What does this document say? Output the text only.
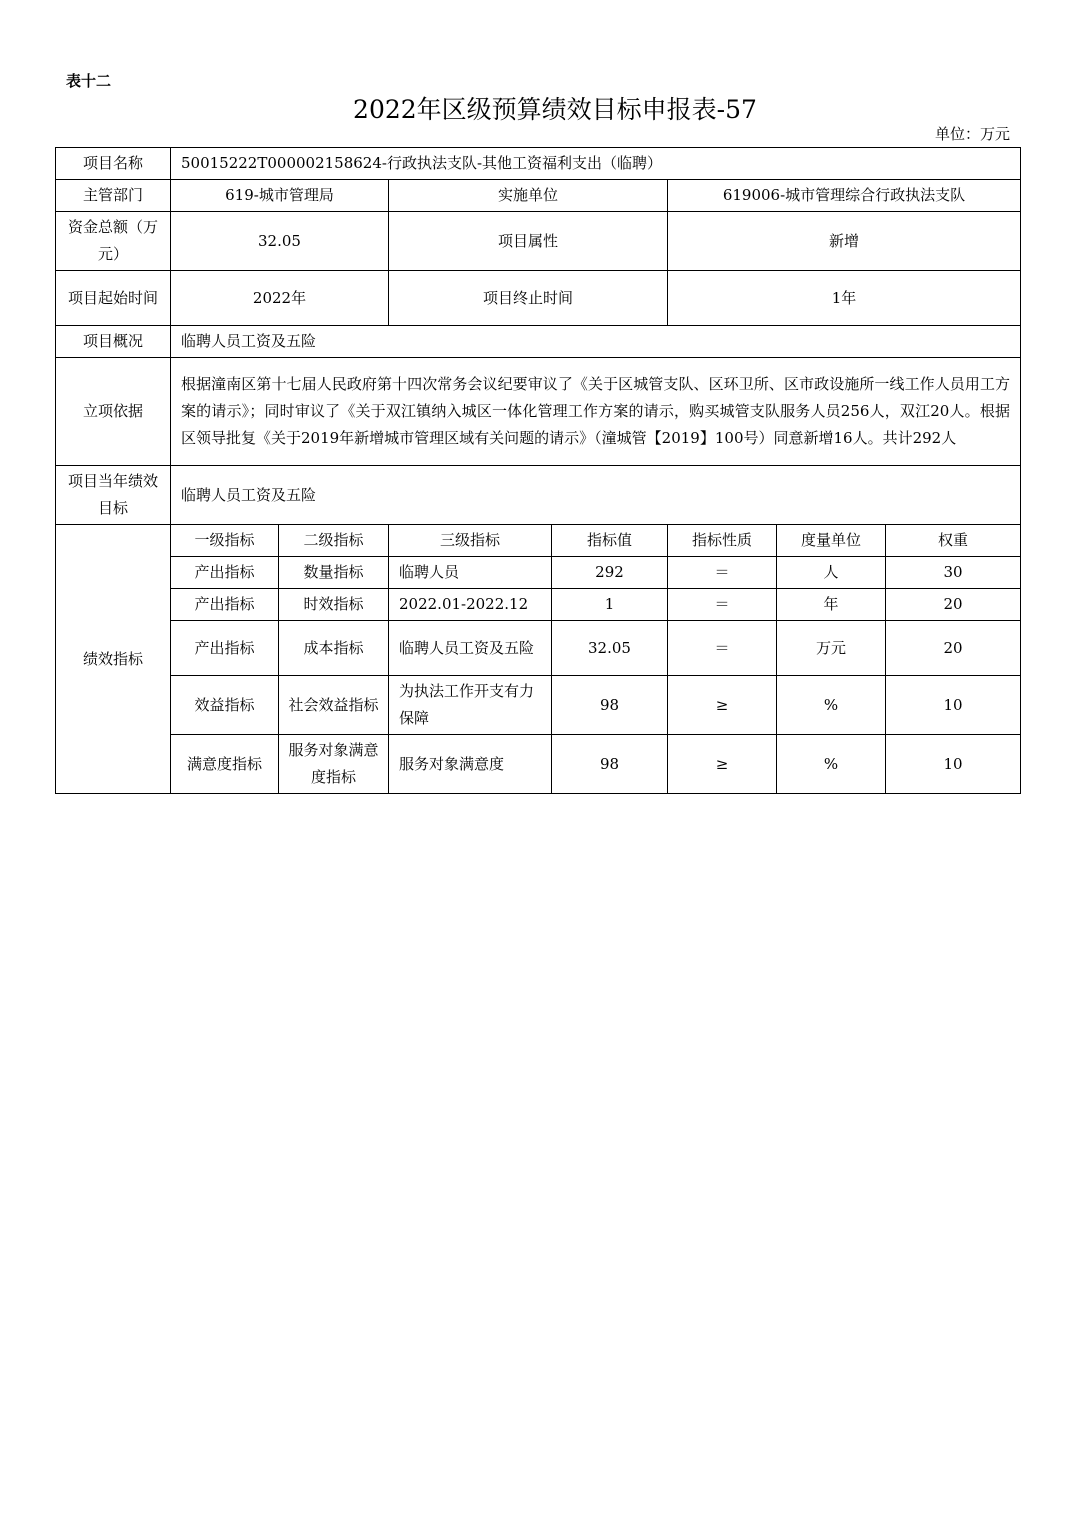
表十二
2022年区级预算绩效目标申报表-57
单位：万元
项目名称	50015222T000002158624-行政执法支队-其他工资福利支出（临聘）						
主管部门	619-城市管理局		实施单位		619006-城市管理综合行政执法支队		
资金总额（万元）	32.05		项目属性		新增		
项目起始时间	2022年		项目终止时间		1年		
项目概况	临聘人员工资及五险						
立项依据	根据潼南区第十七届人民政府第十四次常务会议纪要审议了《关于区城管支队、区环卫所、区市政设施所一线工作人员用工方案的请示》；同时审议了《关于双江镇纳入城区一体化管理工作方案的请示，购买城管支队服务人员256人，双江20人。根据区领导批复《关于2019年新增城市管理区域有关问题的请示》（潼城管【2019】100号）同意新增16人。共计292人						
项目当年绩效目标	临聘人员工资及五险						
绩效指标	一级指标	二级指标	三级指标	指标值	指标性质	度量单位	权重
	产出指标	数量指标	临聘人员	292	＝	人	30
	产出指标	时效指标	2022.01-2022.12	1	＝	年	20
	产出指标	成本指标	临聘人员工资及五险	32.05	＝	万元	20
	效益指标	社会效益指标	为执法工作开支有力保障	98	≥	%	10
	满意度指标	服务对象满意度指标	服务对象满意度	98	≥	%	10
